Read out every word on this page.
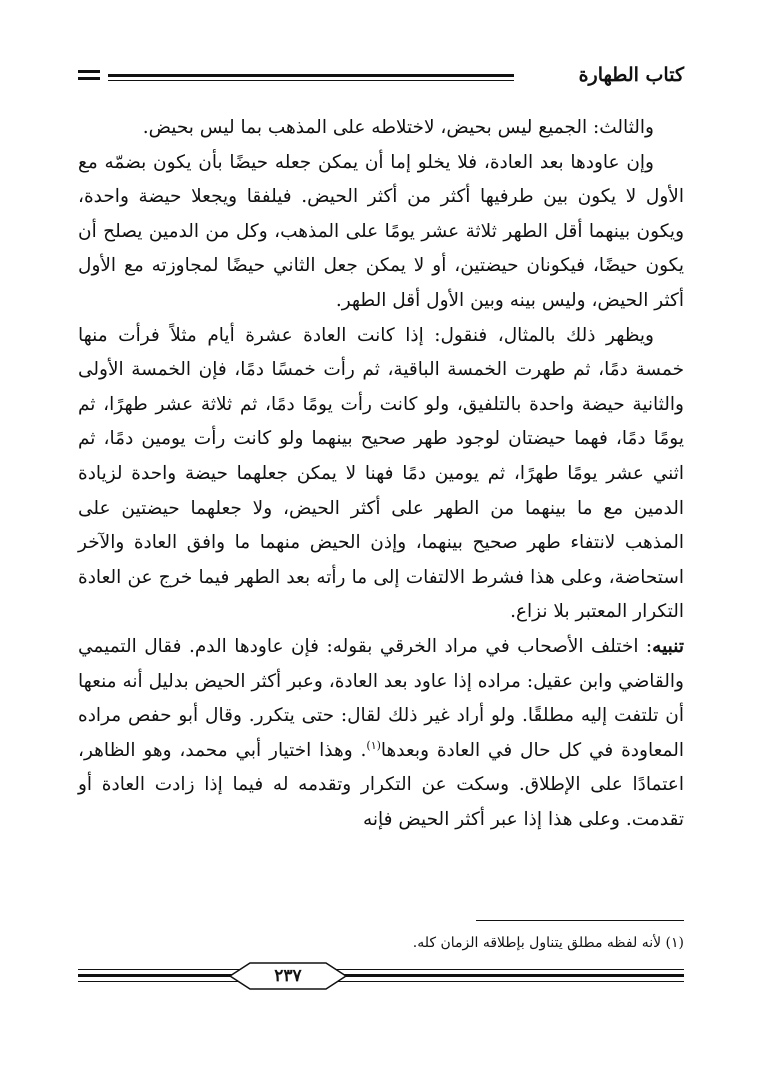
كتاب الطهارة

والثالث: الجميع ليس بحيض، لاختلاطه على المذهب بما ليس بحيض.

وإن عاودها بعد العادة، فلا يخلو إما أن يمكن جعله حيضًا بأن يكون بضمّه مع الأول لا يكون بين طرفيها أكثر من أكثر الحيض. فيلفقا ويجعلا حيضة واحدة، ويكون بينهما أقل الطهر ثلاثة عشر يومًا على المذهب، وكل من الدمين يصلح أن يكون حيضًا، فيكونان حيضتين، أو لا يمكن جعل الثاني حيضًا لمجاوزته مع الأول أكثر الحيض، وليس بينه وبين الأول أقل الطهر.

ويظهر ذلك بالمثال، فنقول: إذا كانت العادة عشرة أيام مثلاً فرأت منها خمسة دمًا، ثم طهرت الخمسة الباقية، ثم رأت خمسًا دمًا، فإن الخمسة الأولى والثانية حيضة واحدة بالتلفيق، ولو كانت رأت يومًا دمًا، ثم ثلاثة عشر طهرًا، ثم يومًا دمًا، فهما حيضتان لوجود طهر صحيح بينهما ولو كانت رأت يومين دمًا، ثم اثني عشر يومًا طهرًا، ثم يومين دمًا فهنا لا يمكن جعلهما حيضة واحدة لزيادة الدمين مع ما بينهما من الطهر على أكثر الحيض، ولا جعلهما حيضتين على المذهب لانتفاء طهر صحيح بينهما، وإذن الحيض منهما ما وافق العادة والآخر استحاضة، وعلى هذا فشرط الالتفات إلى ما رأته بعد الطهر فيما خرج عن العادة التكرار المعتبر بلا نزاع.

تنبيه: اختلف الأصحاب في مراد الخرقي بقوله: فإن عاودها الدم. فقال التميمي والقاضي وابن عقيل: مراده إذا عاود بعد العادة، وعبر أكثر الحيض بدليل أنه منعها أن تلتفت إليه مطلقًا. ولو أراد غير ذلك لقال: حتى يتكرر. وقال أبو حفص مراده المعاودة في كل حال في العادة وبعدها$^{(١)}$. وهذا اختيار أبي محمد، وهو الظاهر، اعتمادًا على الإطلاق. وسكت عن التكرار وتقدمه له فيما إذا زادت العادة أو تقدمت. وعلى هذا إذا عبر أكثر الحيض فإنه

(١) لأنه لفظه مطلق يتناول بإطلاقه الزمان كله.
٢٣٧
